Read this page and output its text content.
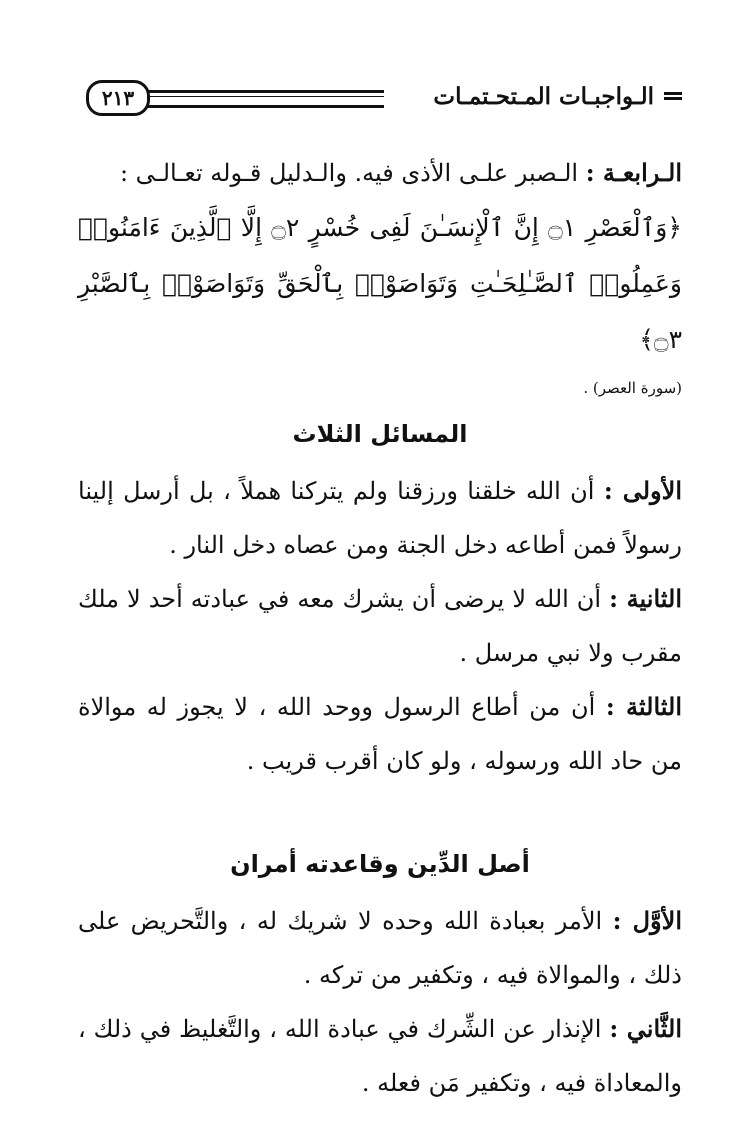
الـواجبـات المـتحـتمـات
٢١٣

الـرابعـة : الـصبر علـى الأذى فيه. والـدليل قـوله تعـالـى :

﴿وَٱلْعَصْرِ ۝١ إِنَّ ٱلْإِنسَـٰنَ لَفِى خُسْرٍ ۝٢ إِلَّا ٱلَّذِينَ ءَامَنُوا۟

وَعَمِلُوا۟ ٱلصَّـٰلِحَـٰتِ وَتَوَاصَوْا۟ بِٱلْحَقِّ وَتَوَاصَوْا۟ بِٱلصَّبْرِ ۝٣﴾

(سورة العصر) .

المسائل الثلاث

الأولى : أن الله خلقنا ورزقنا ولم يتركنا هملاً ، بل أرسل إلينا رسولاً فمن أطاعه دخل الجنة ومن عصاه دخل النار .

الثانية : أن الله لا يرضى أن يشرك معه في عبادته أحد لا ملك مقرب ولا نبي مرسل .

الثالثة : أن من أطاع الرسول ووحد الله ، لا يجوز له موالاة من حاد الله ورسوله ، ولو كان أقرب قريب .

أصل الدِّين وقاعدته أمران

الأوَّل : الأمر بعبادة الله وحده لا شريك له ، والتَّحريض على ذلك ، والموالاة فيه ، وتكفير من تركه .

الثَّاني : الإنذار عن الشِّرك في عبادة الله ، والتَّغليظ في ذلك ، والمعاداة فيه ، وتكفير مَن فعله .
